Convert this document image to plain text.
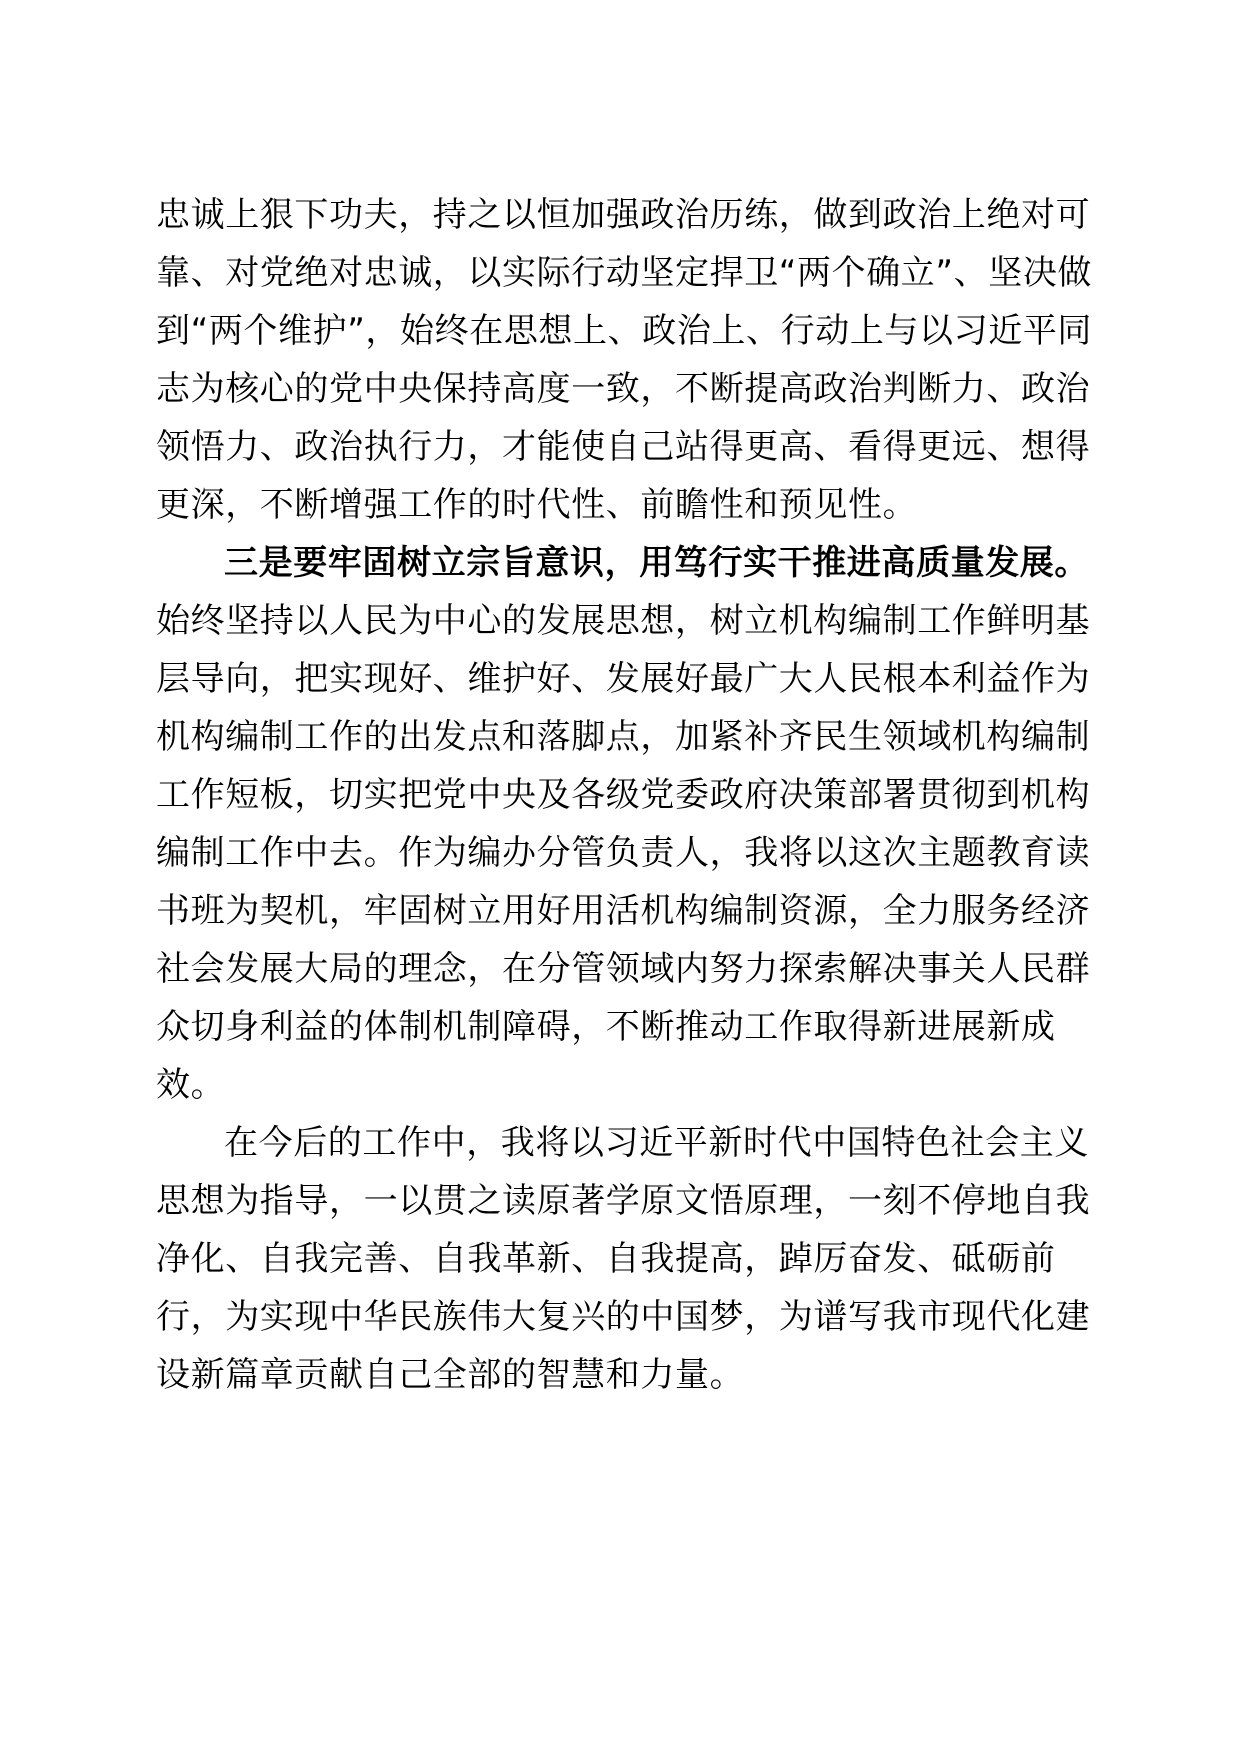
忠诚上狠下功夫，持之以恒加强政治历练，做到政治上绝对可
靠、对党绝对忠诚，以实际行动坚定捍卫“两个确立”、坚决做
到“两个维护”，始终在思想上、政治上、行动上与以习近平同
志为核心的党中央保持高度一致，不断提高政治判断力、政治
领悟力、政治执行力，才能使自己站得更高、看得更远、想得
更深，不断增强工作的时代性、前瞻性和预见性。
三是要牢固树立宗旨意识，用笃行实干推进高质量发展。
始终坚持以人民为中心的发展思想，树立机构编制工作鲜明基
层导向，把实现好、维护好、发展好最广大人民根本利益作为
机构编制工作的出发点和落脚点，加紧补齐民生领域机构编制
工作短板，切实把党中央及各级党委政府决策部署贯彻到机构
编制工作中去。作为编办分管负责人，我将以这次主题教育读
书班为契机，牢固树立用好用活机构编制资源，全力服务经济
社会发展大局的理念，在分管领域内努力探索解决事关人民群
众切身利益的体制机制障碍，不断推动工作取得新进展新成
效。
在今后的工作中，我将以习近平新时代中国特色社会主义
思想为指导，一以贯之读原著学原文悟原理，一刻不停地自我
净化、自我完善、自我革新、自我提高，踔厉奋发、砥砺前
行，为实现中华民族伟大复兴的中国梦，为谱写我市现代化建
设新篇章贡献自己全部的智慧和力量。
